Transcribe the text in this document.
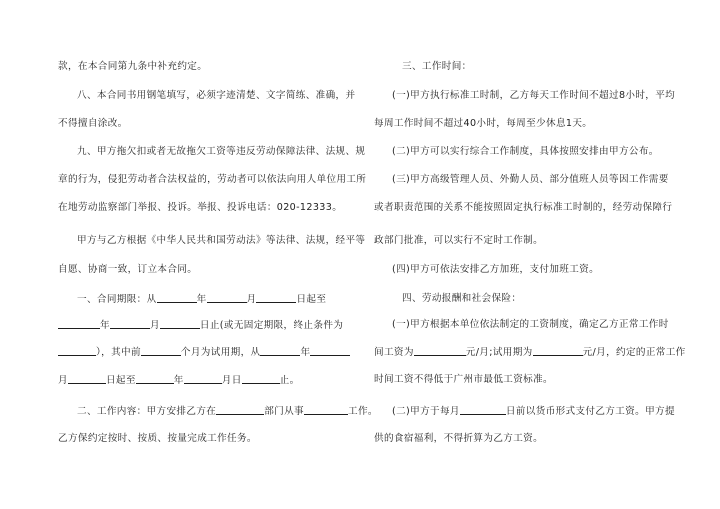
款，在本合同第九条中补充约定。
八、本合同书用钢笔填写，必须字迹清楚、文字简练、准确，并
不得擅自涂改。
九、甲方拖欠扣或者无故拖欠工资等违反劳动保障法律、法规、规
章的行为，侵犯劳动者合法权益的，劳动者可以依法向用人单位用工所
在地劳动监察部门举报、投诉。举报、投诉电话：020-12333。
甲方与乙方根据《中华人民共和国劳动法》等法律、法规，经平等
自愿、协商一致，订立本合同。
一、合同期限：从	年	月	日起至
年	月	日止(或无固定期限，终止条件为
），其中前	个月为试用期，从	年
月	日起至	年	月日	止。
二、工作内容：甲方安排乙方在	部门从事	工作。
乙方保约定按时、按质、按量完成工作任务。
三、工作时间：
(一)甲方执行标准工时制，乙方每天工作时间不超过8小时，平均
每周工作时间不超过40小时，每周至少休息1天。
(二)甲方可以实行综合工作制度，具体按照安排由甲方公布。
(三)甲方高级管理人员、外勤人员、部分值班人员等因工作需要
或者职责范围的关系不能按照固定执行标准工时制的，经劳动保障行
政部门批准，可以实行不定时工作制。
(四)甲方可依法安排乙方加班，支付加班工资。
四、劳动报酬和社会保险：
(一)甲方根据本单位依法制定的工资制度，确定乙方正常工作时
间工资为	元/月;试用期为	元/月，约定的正常工作
时间工资不得低于广州市最低工资标准。
(二)甲方于每月	日前以货币形式支付乙方工资。甲方提
供的食宿福利，不得折算为乙方工资。
